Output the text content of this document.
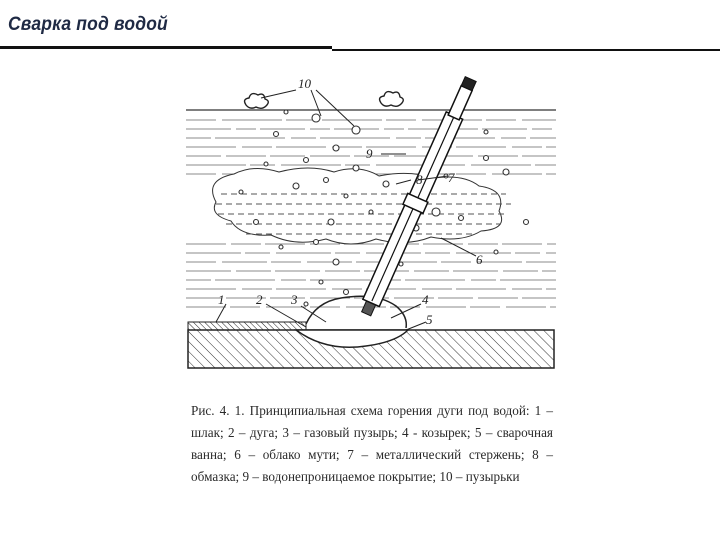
Сварка под водой
1 2 3	4
5
6
7
8
9
10
Рис. 4. 1. Принципиальная схема горения дуги под водой: 1 – шлак; 2 – дуга; 3 – газовый пузырь; 4 - козырек; 5 – сварочная ванна; 6 – облако мути; 7 – металлический стержень; 8 – обмазка; 9 – водонепроницаемое покрытие; 10 – пузырьки
